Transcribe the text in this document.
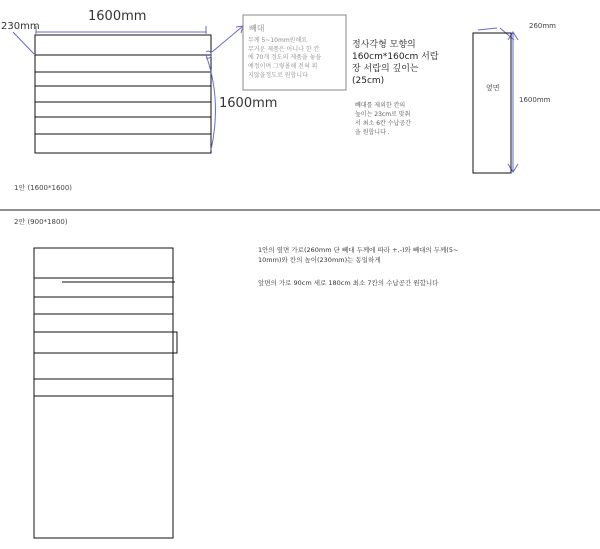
1600mm
230mm
1600mm
1안 (1600*1600)
빼대
두께 5~10mm원해요
무거운 제품은 아니나 한 칸
에 70개 정도의 제품을 놓을
예정이며 그렇몰해 전혀 휘
지않을정도로 원합니다
정사각형 모향의
160cm*160cm 서랍
장 서랍의 깊이는
(25cm)
빼대를 제외한 칸의
높이는 23cm로 맞춰
서 최소 6칸 수납공간
을 원합니다 .
260mm
옆면
1600mm
2안 (900*1800)
1안의 옆면 가로(260mm 단 빼대 두께에 따라 +,-)와 빼대의 두께(5~
10mm)와 칸의 높이(230mm)는 동일하게
앞면의 가로 90cm 세로 180cm 최소 7칸의 수납공간 원합니다
